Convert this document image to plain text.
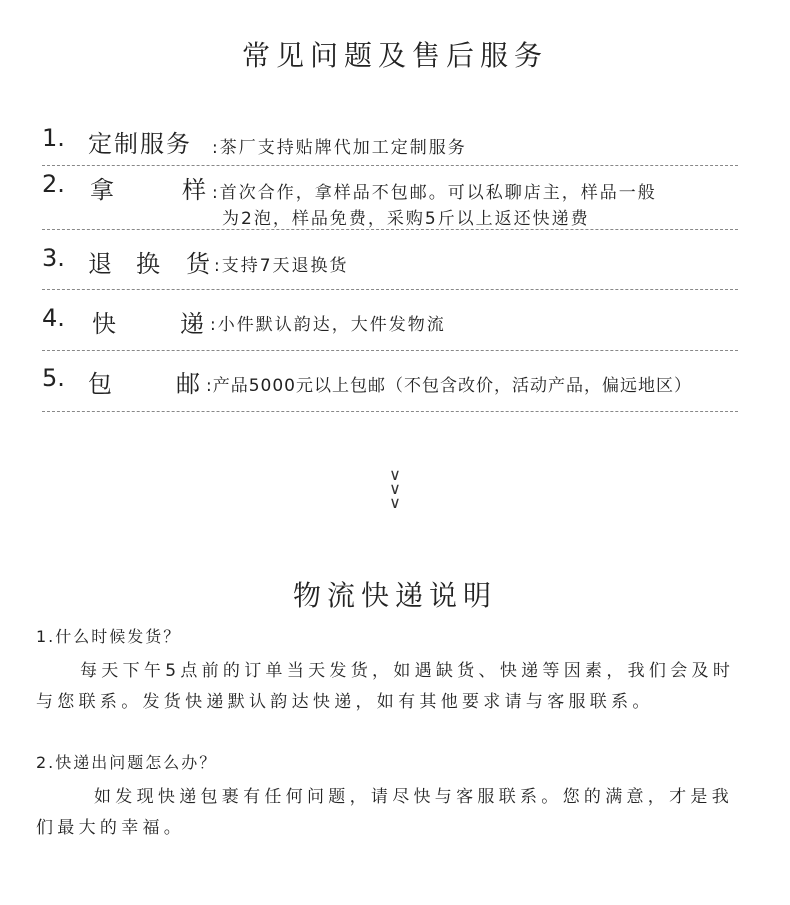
常见问题及售后服务
1. 定制服务 :茶厂支持贴牌代加工定制服务
2. 拿	样 :首次合作，拿样品不包邮。可以私聊店主，样品一般
为2泡，样品免费，采购5斤以上返还快递费
3. 退 换 货 :支持7天退换货
4. 快	递 :小件默认韵达，大件发物流
5. 包	邮 :产品5000元以上包邮（不包含改价，活动产品，偏远地区）
∨
∨
∨
物流快递说明
1.什么时候发货？
每天下午5点前的订单当天发货，如遇缺货、快递等因素，我们会及时
与您联系。发货快递默认韵达快递，如有其他要求请与客服联系。
2.快递出问题怎么办？
如发现快递包裹有任何问题，请尽快与客服联系。您的满意，才是我
们最大的幸福。
